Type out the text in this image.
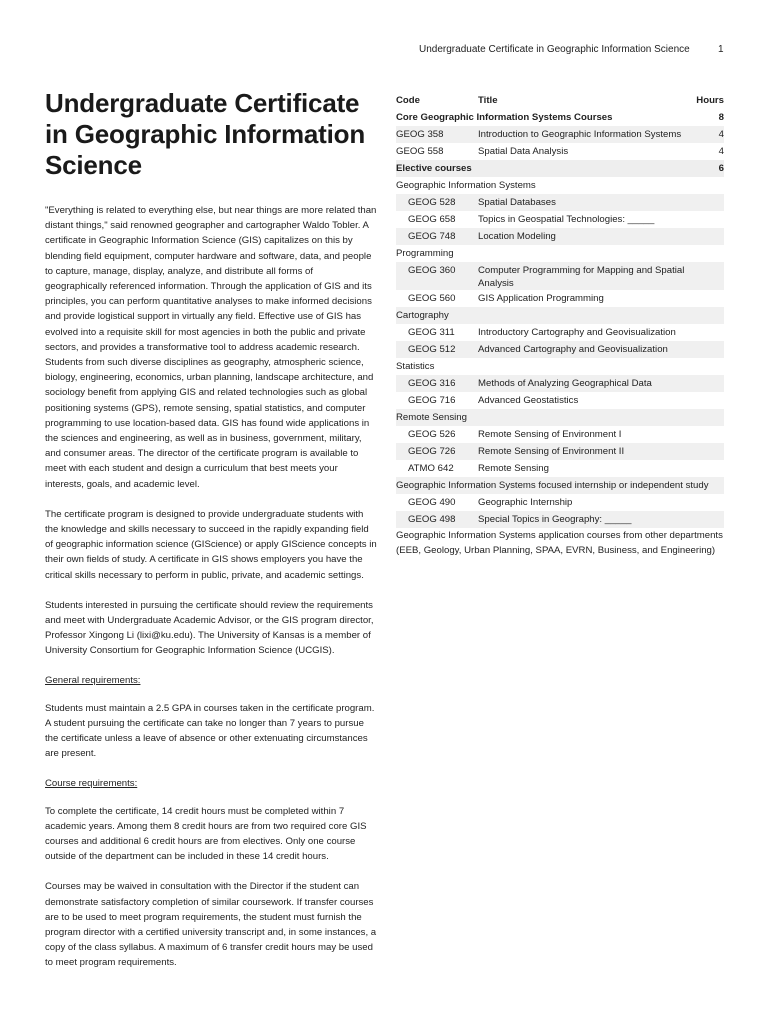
Undergraduate Certificate in Geographic Information Science	1
Undergraduate Certificate in Geographic Information Science

"Everything is related to everything else, but near things are more related than distant things," said renowned geographer and cartographer Waldo Tobler. A certificate in Geographic Information Science (GIS) capitalizes on this by blending field equipment, computer hardware and software, data, and people to capture, manage, display, analyze, and distribute all forms of geographically referenced information. Through the application of GIS and its principles, you can perform quantitative analyses to make informed decisions and provide logistical support in virtually any field. Effective use of GIS has evolved into a requisite skill for most agencies in both the public and private sectors, and provides a transformative tool to address academic research. Students from such diverse disciplines as geography, atmospheric science, biology, engineering, economics, urban planning, landscape architecture, and sociology benefit from applying GIS and related technologies such as global positioning systems (GPS), remote sensing, spatial statistics, and computer programming to use location-based data. GIS has found wide applications in the sciences and engineering, as well as in business, government, military, and consumer areas. The director of the certificate program is available to meet with each student and design a curriculum that best meets your interests, goals, and academic level.

The certificate program is designed to provide undergraduate students with the knowledge and skills necessary to succeed in the rapidly expanding field of geographic information science (GIScience) or apply GIScience concepts in their own fields of study. A certificate in GIS shows employers you have the critical skills necessary to perform in public, private, and academic settings.

Students interested in pursuing the certificate should review the requirements and meet with Undergraduate Academic Advisor, or the GIS program director, Professor Xingong Li (lixi@ku.edu). The University of Kansas is a member of University Consortium for Geographic Information Science (UCGIS).

General requirements:

Students must maintain a 2.5 GPA in courses taken in the certificate program. A student pursuing the certificate can take no longer than 7 years to pursue the certificate unless a leave of absence or other extenuating circumstances are present.

Course requirements:

To complete the certificate, 14 credit hours must be completed within 7 academic years. Among them 8 credit hours are from two required core GIS courses and additional 6 credit hours are from electives. Only one course outside of the department can be included in these 14 credit hours.

Courses may be waived in consultation with the Director if the student can demonstrate satisfactory completion of similar coursework. If transfer courses are to be used to meet program requirements, the student must furnish the program director with a certified university transcript and, in some instances, a copy of the class syllabus. A maximum of 6 transfer credit hours may be used to meet program requirements.

Code	Title	Hours
Core Geographic Information Systems Courses	8
GEOG 358	Introduction to Geographic Information Systems	4
GEOG 558	Spatial Data Analysis	4
Elective courses	6
Geographic Information Systems
GEOG 528	Spatial Databases
GEOG 658	Topics in Geospatial Technologies: _____
GEOG 748	Location Modeling
Programming
GEOG 360	Computer Programming for Mapping and Spatial Analysis
GEOG 560	GIS Application Programming
Cartography
GEOG 311	Introductory Cartography and Geovisualization
GEOG 512	Advanced Cartography and Geovisualization
Statistics
GEOG 316	Methods of Analyzing Geographical Data
GEOG 716	Advanced Geostatistics
Remote Sensing
GEOG 526	Remote Sensing of Environment I
GEOG 726	Remote Sensing of Environment II
ATMO 642	Remote Sensing
Geographic Information Systems focused internship or independent study
GEOG 490	Geographic Internship
GEOG 498	Special Topics in Geography: _____
Geographic Information Systems application courses from other departments (EEB, Geology, Urban Planning, SPAA, EVRN, Business, and Engineering)
